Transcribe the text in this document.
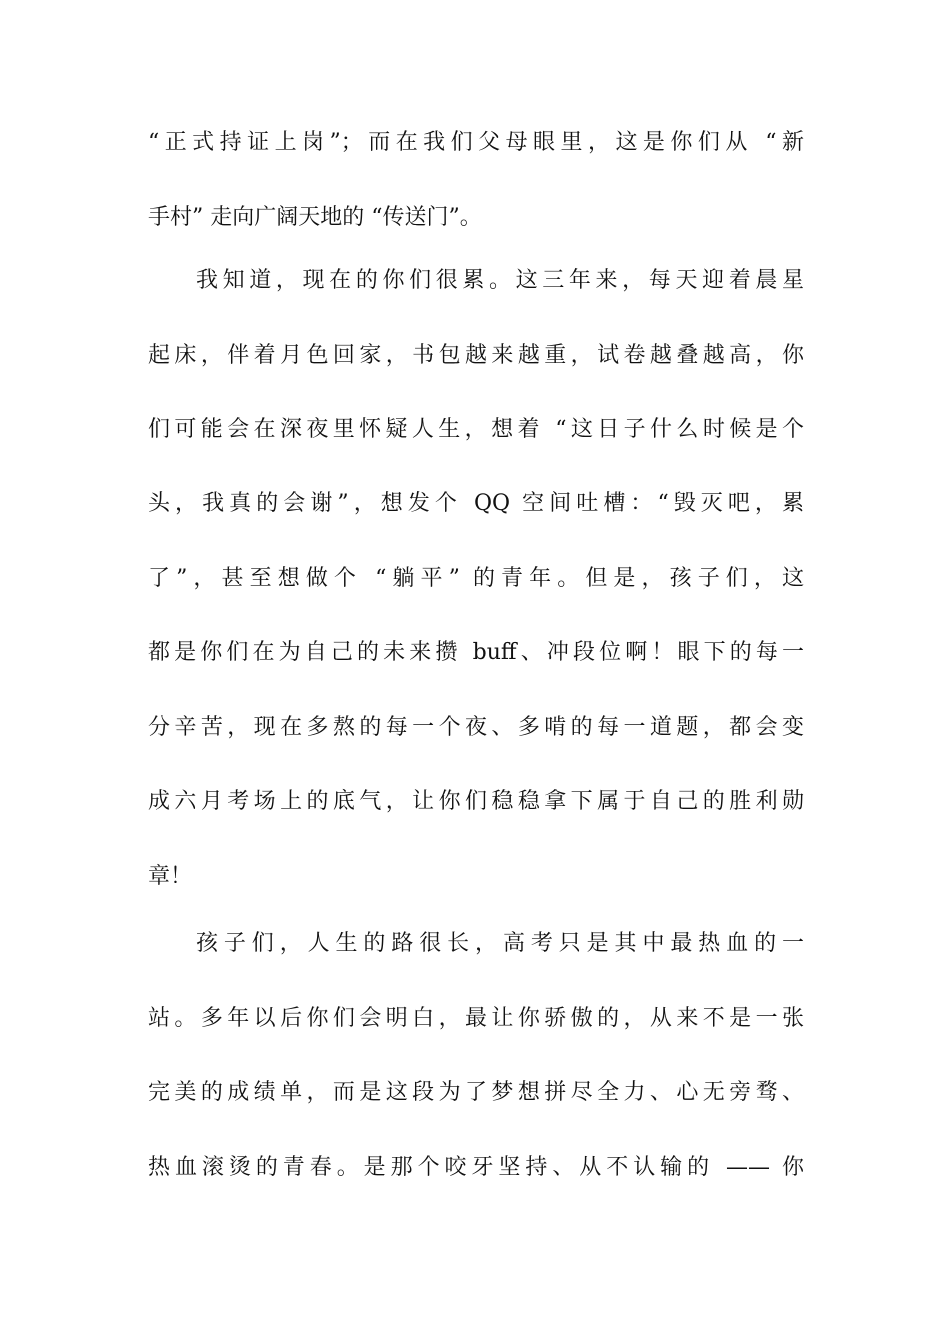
“正式持证上岗”；而在我们父母眼里，这是你们从 “新
手村” 走向广阔天地的 “传送门”。
我知道，现在的你们很累。这三年来，每天迎着晨星
起床，伴着月色回家，书包越来越重，试卷越叠越高，你
们可能会在深夜里怀疑人生，想着 “这日子什么时候是个
头，我真的会谢”，想发个 QQ 空间吐槽：“毁灭吧，累
了”，甚至想做个 “躺平” 的青年。但是，孩子们，这
都是你们在为自己的未来攒 buff、冲段位啊！眼下的每一
分辛苦，现在多熬的每一个夜、多啃的每一道题，都会变
成六月考场上的底气，让你们稳稳拿下属于自己的胜利勋
章！
孩子们，人生的路很长，高考只是其中最热血的一
站。多年以后你们会明白，最让你骄傲的，从来不是一张
完美的成绩单，而是这段为了梦想拼尽全力、心无旁骛、
热血滚烫的青春。是那个咬牙坚持、从不认输的 —— 你
